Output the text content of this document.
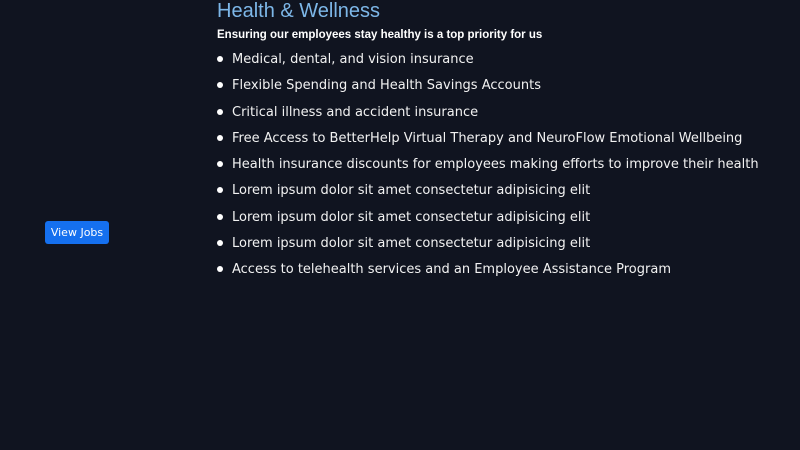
View Jobs
Health & Wellness

Ensuring our employees stay healthy is a top priority for us

Medical, dental, and vision insurance
Flexible Spending and Health Savings Accounts
Critical illness and accident insurance
Free Access to BetterHelp Virtual Therapy and NeuroFlow Emotional Wellbeing
Health insurance discounts for employees making efforts to improve their health
Lorem ipsum dolor sit amet consectetur adipisicing elit
Lorem ipsum dolor sit amet consectetur adipisicing elit
Lorem ipsum dolor sit amet consectetur adipisicing elit
Access to telehealth services and an Employee Assistance Program
